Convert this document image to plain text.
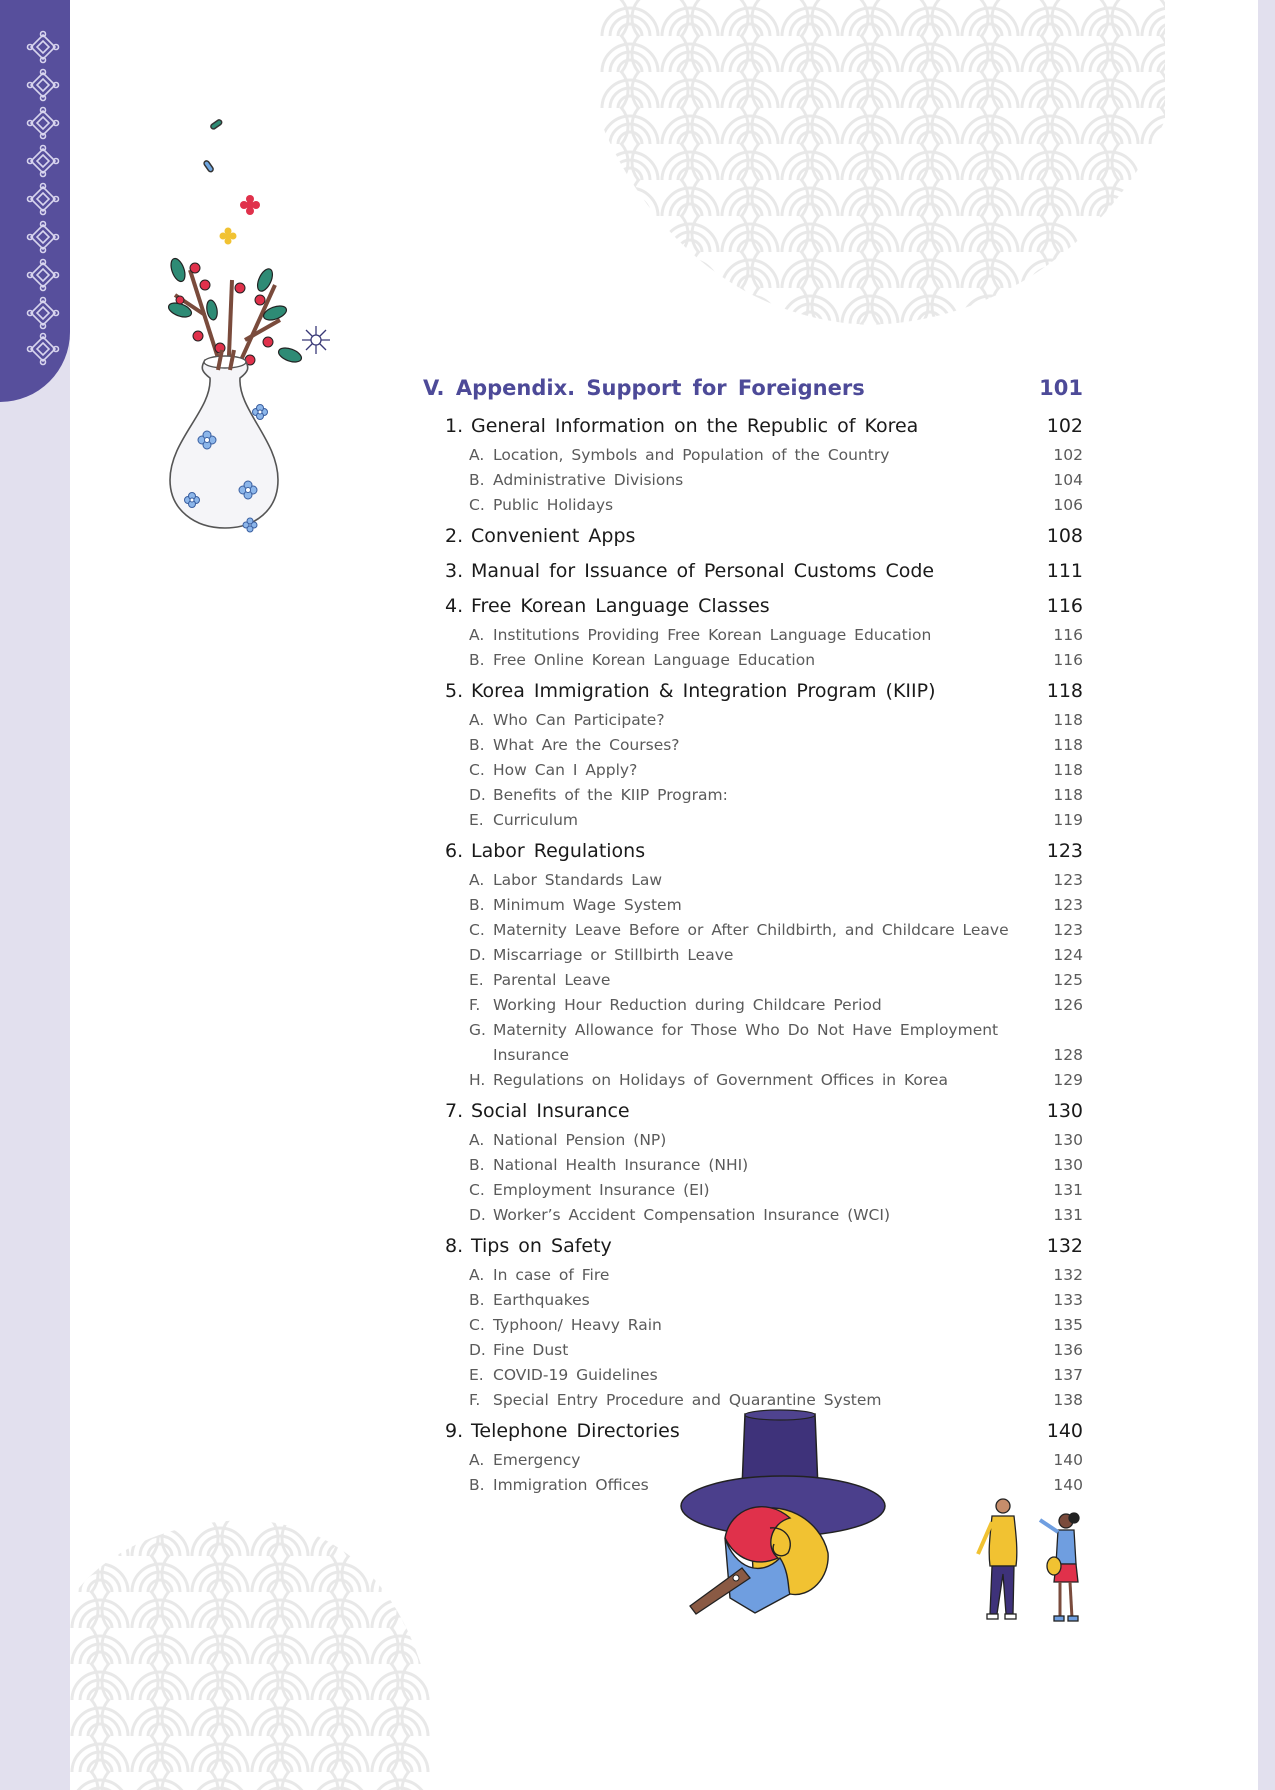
V. Appendix. Support for Foreigners	101
1. General Information on the Republic of Korea	102
A. Location, Symbols and Population of the Country	102
B. Administrative Divisions	104
C. Public Holidays	106
2. Convenient Apps	108
3. Manual for Issuance of Personal Customs Code	111
4. Free Korean Language Classes	116
A. Institutions Providing Free Korean Language Education	116
B. Free Online Korean Language Education	116
5. Korea Immigration & Integration Program (KIIP)	118
A. Who Can Participate?	118
B. What Are the Courses?	118
C. How Can I Apply?	118
D. Benefits of the KIIP Program:	118
E. Curriculum	119
6. Labor Regulations	123
A. Labor Standards Law	123
B. Minimum Wage System	123
C. Maternity Leave Before or After Childbirth, and Childcare Leave	123
D. Miscarriage or Stillbirth Leave	124
E. Parental Leave	125
F. Working Hour Reduction during Childcare Period	126
G. Maternity Allowance for Those Who Do Not Have Employment Insurance	128
H. Regulations on Holidays of Government Offices in Korea	129
7. Social Insurance	130
A. National Pension (NP)	130
B. National Health Insurance (NHI)	130
C. Employment Insurance (EI)	131
D. Worker’s Accident Compensation Insurance (WCI)	131
8. Tips on Safety	132
A. In case of Fire	132
B. Earthquakes	133
C. Typhoon/ Heavy Rain	135
D. Fine Dust	136
E. COVID-19 Guidelines	137
F. Special Entry Procedure and Quarantine System	138
9. Telephone Directories	140
A. Emergency	140
B. Immigration Offices	140
